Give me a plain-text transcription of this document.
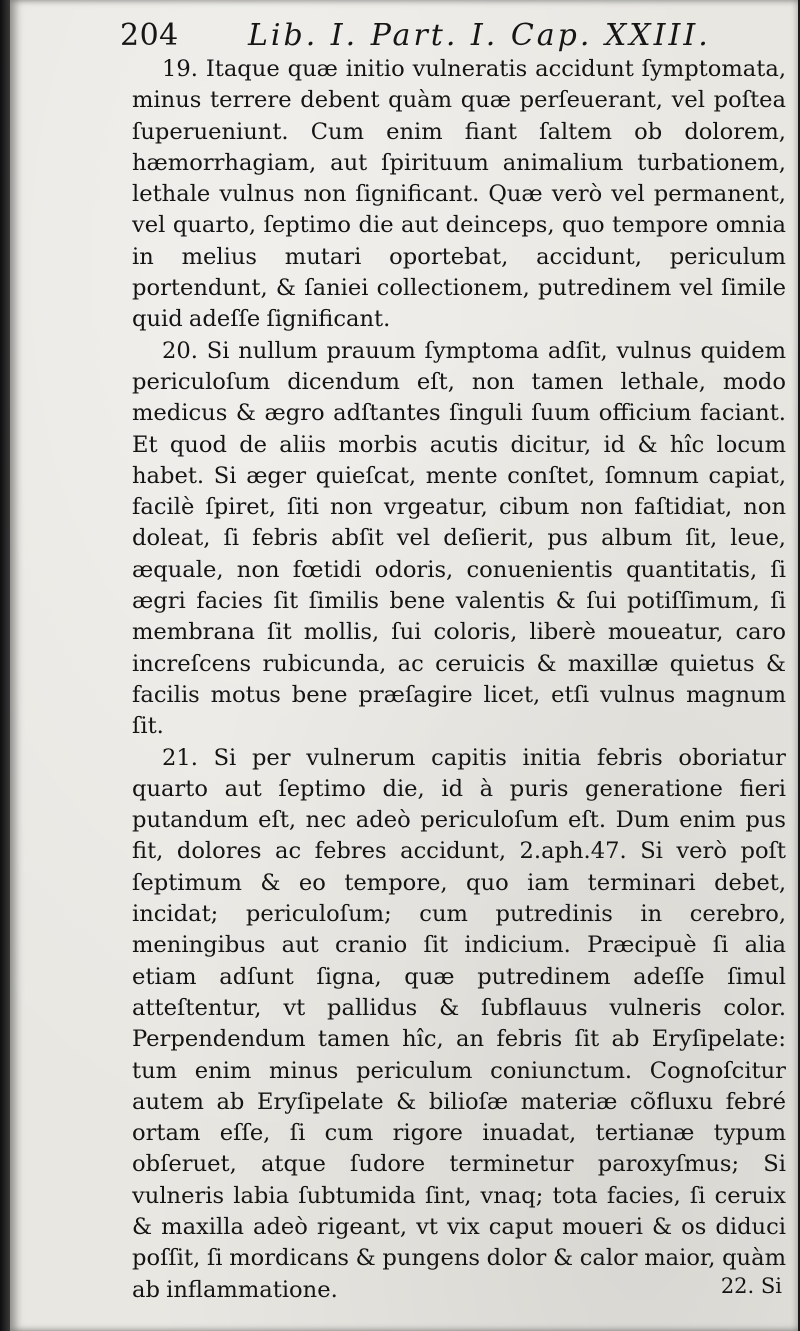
204 Lib. I. Part. I. Cap. XXIII.

19. Itaque quæ initio vulneratis accidunt ſymptomata, minus terrere debent quàm quæ perſeuerant, vel poſtea ſuperueniunt. Cum enim fiant ſaltem ob dolorem, hæmorrhagiam, aut ſpirituum animalium turbationem, lethale vulnus non ſignificant. Quæ verò vel permanent, vel quarto, ſeptimo die aut deinceps, quo tempore omnia in melius mutari oportebat, accidunt, periculum portendunt, & ſaniei collectionem, putredinem vel ſimile quid adeſſe ſignificant.

20. Si nullum prauum ſymptoma adſit, vulnus quidem periculoſum dicendum eſt, non tamen lethale, modo medicus & ægro adſtantes ſinguli ſuum officium faciant. Et quod de aliis morbis acutis dicitur, id & hîc locum habet. Si æger quieſcat, mente conſtet, ſomnum capiat, facilè ſpiret, ſiti non vrgeatur, cibum non faſtidiat, non doleat, ſi febris abſit vel deſierit, pus album ſit, leue, æquale, non fœtidi odoris, conuenientis quantitatis, ſi ægri facies ſit ſimilis bene valentis & ſui potiſſimum, ſi membrana ſit mollis, ſui coloris, liberè moueatur, caro increſcens rubicunda, ac ceruicis & maxillæ quietus & facilis motus bene præſagire licet, etſi vulnus magnum ſit.

21. Si per vulnerum capitis initia febris oboriatur quarto aut ſeptimo die, id à puris generatione fieri putandum eſt, nec adeò periculoſum eſt. Dum enim pus fit, dolores ac febres accidunt, 2.aph.47. Si verò poſt ſeptimum & eo tempore, quo iam terminari debet, incidat; periculoſum; cum putredinis in cerebro, meningibus aut cranio ſit indicium. Præcipuè ſi alia etiam adſunt ſigna, quæ putredinem adeſſe ſimul atteſtentur, vt pallidus & ſubflauus vulneris color. Perpendendum tamen hîc, an febris ſit ab Eryſipelate: tum enim minus periculum coniunctum. Cognoſcitur autem ab Eryſipelate & bilioſæ materiæ cõfluxu febré ortam eſſe, ſi cum rigore inuadat, tertianæ typum obſeruet, atque ſudore terminetur paroxyſmus; Si vulneris labia ſubtumida ſint, vnaq; tota facies, ſi ceruix & maxilla adeò rigeant, vt vix caput moueri & os diduci poſſit, ſi mordicans & pungens dolor & calor maior, quàm ab inflammatione.	22. Si
